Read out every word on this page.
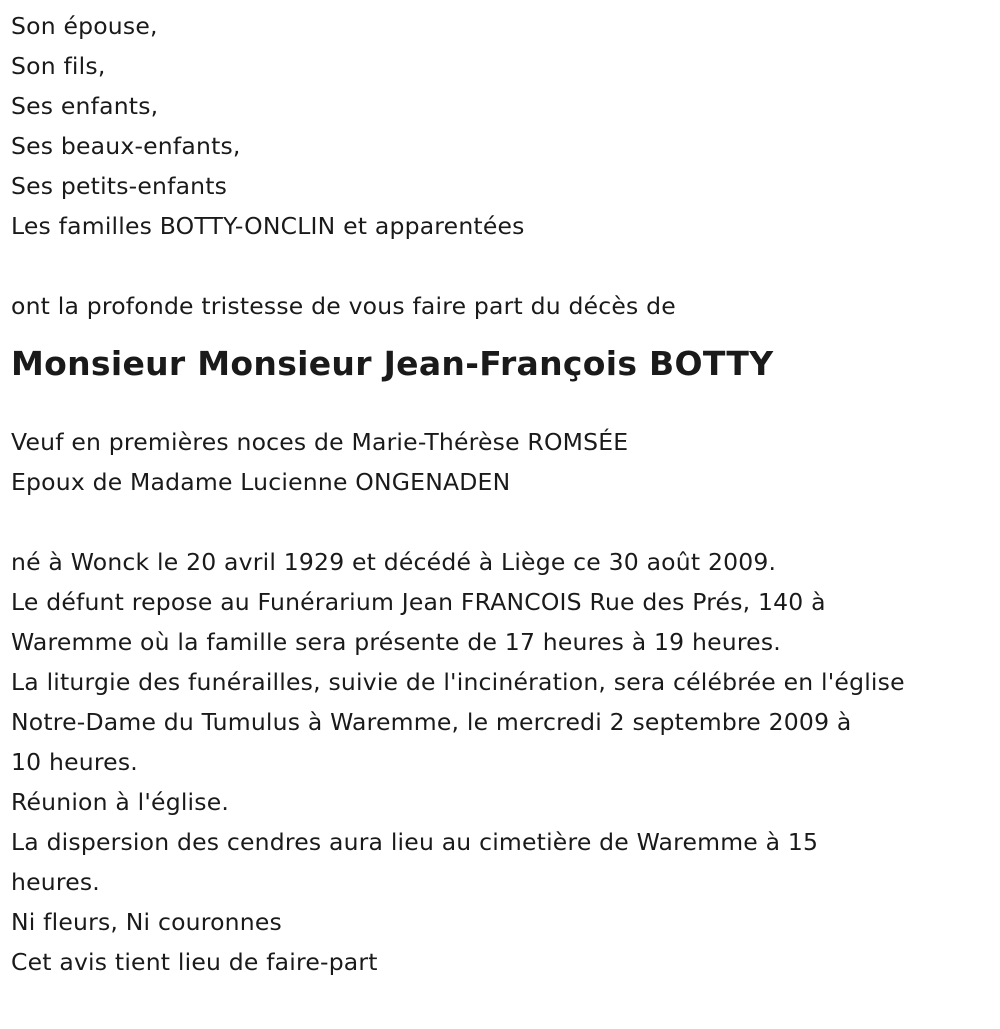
Son épouse,
Son fils,
Ses enfants,
Ses beaux-enfants,
Ses petits-enfants
Les familles BOTTY-ONCLIN et apparentées
ont la profonde tristesse de vous faire part du décès de
Monsieur Monsieur Jean-François BOTTY
Veuf en premières noces de Marie-Thérèse ROMSÉE
Epoux de Madame Lucienne ONGENADEN
né à Wonck le 20 avril 1929 et décédé à Liège ce 30 août 2009.
Le défunt repose au Funérarium Jean FRANCOIS Rue des Prés, 140 à
Waremme où la famille sera présente de 17 heures à 19 heures.
La liturgie des funérailles, suivie de l'incinération, sera célébrée en l'église
Notre-Dame du Tumulus à Waremme, le mercredi 2 septembre 2009 à
10 heures.
Réunion à l'église.
La dispersion des cendres aura lieu au cimetière de Waremme à 15
heures.
Ni fleurs, Ni couronnes
Cet avis tient lieu de faire-part
